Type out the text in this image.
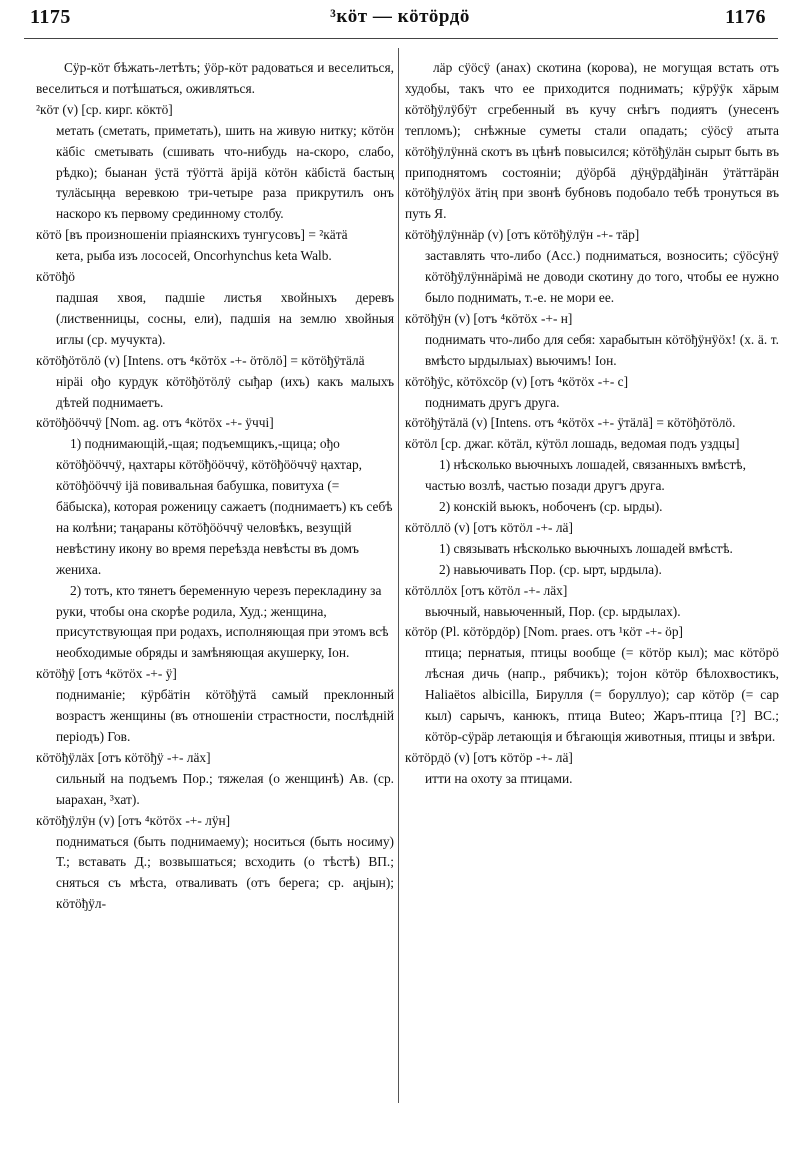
1175	³кöт — кöтöрдö	1176

Сÿр-кöт бѣжать-летѣть; ÿöр-кöт радоваться и веселиться, веселиться и потѣшаться, оживляться.

²кöт (v) [ср. кирг. кöктö]

метать (сметать, приметать), шить на живую нитку; кöтöн кäбіс сметывать (сшивать что-нибудь на-скоро, слабо, рѣдко); быанан ÿстä тÿöттä äрijä кöтöн кäбістä бастың тулäсыңңа веревкою три-четыре раза прикрутилъ онъ наскоро къ первому срединному столбу.

кöтö [въ произношеніи пріаянскихъ тунгусовъ] = ²кäтä

кета, рыба изъ лососей, Oncorhynchus keta Walb.

кöтöђö

падшая хвоя, падшіе листья хвойныхъ деревъ (лиственницы, сосны, ели), падшія на землю хвойныя иглы (ср. мучукта).

кöтöђöтöлö (v) [Intens. отъ ⁴кöтöх -+- öтöлö] = кöтöђÿтäлä

нірäі ођо курдук кöтöђöтöлÿ сыђар (ихъ) какъ малыхъ дѣтей поднимаетъ.

кöтöђööччÿ [Nom. ag. отъ ⁴кöтöх -+- ÿччі]

1) поднимающій,-щая; подъемщикъ,-щица; ођо кöтöђööччÿ, ңахтары кöтöђööччÿ, кöтöђööччÿ ңахтар, кöтöђööччÿ ijä повивальная бабушка, повитуха (= бäбыска), которая роженицу сажаетъ (поднимаетъ) къ себѣ на колѣни; таңараны кöтöђööччÿ человѣкъ, везущій невѣстину икону во время переѣзда невѣсты въ домъ жениха.

2) тотъ, кто тянетъ беременную черезъ перекладину за руки, чтобы она скорѣе родила, Худ.; женщина, присутствующая при родахъ, исполняющая при этомъ всѣ необходимые обряды и замѣняющая акушерку, Іон.

кöтöђÿ [отъ ⁴кöтöх -+- ÿ]

подниманіе; кÿрбäтін кöтöђÿтä самый преклонный возрастъ женщины (въ отношеніи страстности, послѣдній періодъ) Гов.

кöтöђÿлäх [отъ кöтöђÿ -+- лäх]

сильный на подъемъ Пор.; тяжелая (о женщинѣ) Ав. (ср. ыарахан, ³хат).

кöтöђÿлÿн (v) [отъ ⁴кöтöх -+- лÿн]

подниматься (быть поднимаему); носиться (быть носиму) Т.; вставать Д.; возвышаться; всходить (о тѣстѣ) ВП.; сняться съ мѣста, отваливать (отъ берега; ср. аңјын); кöтöђÿл-

лäр сÿöсÿ (анах) скотина (корова), не могущая встать отъ худобы, такъ что ее приходится поднимать; кÿрÿÿк хäрым кöтöђÿлÿбÿт сгребенный въ кучу снѣгъ подиятъ (унесенъ тепломъ); снѣжные суметы стали опадать; сÿöсÿ атыта кöтöђÿлÿннä скотъ въ цѣнѣ повысился; кöтöђÿлäн сырыт быть въ приподнятомъ состояніи; дÿöрбä дÿңÿрдäђінäн ÿтäттäрäн кöтöђÿлÿöх äтің при звонѣ бубновъ подобало тебѣ тронуться въ путь Я.

кöтöђÿлÿннäр (v) [отъ кöтöђÿлÿн -+- тäр]

заставлять что-либо (Acc.) подниматься, возносить; сÿöсÿнÿ кöтöђÿлÿннäрімä не доводи скотину до того, чтобы ее нужно было поднимать, т.-е. не мори ее.

кöтöђÿн (v) [отъ ⁴кöтöх -+- н]

поднимать что-либо для себя: харабытын кöтöђÿнÿöх! (х. ä. т. вмѣсто ырдылыах) вьючимъ! Іон.

кöтöђÿс, кöтöхсöр (v) [отъ ⁴кöтöх -+- с]

поднимать другъ друга.

кöтöђÿтäлä (v) [Intens. отъ ⁴кöтöх -+- ÿтäлä] = кöтöђöтöлö.

кöтöл [ср. джаг. кöтäл, кÿтöл лошадь, ведомая подъ уздцы]

1) нѣсколько вьючныхъ лошадей, связанныхъ вмѣстѣ, частью возлѣ, частью позади другъ друга.

2) конскій вьюкъ, нобоченъ (ср. ырды).

кöтöллö (v) [отъ кöтöл -+- лä]

1) связывать нѣсколько вьючныхъ лошадей вмѣстѣ.

2) навьючивать Пор. (ср. ырт, ырдыла).

кöтöллöх [отъ кöтöл -+- лäх]

вьючный, навьюченный, Пор. (ср. ырдылах).

кöтöр (Pl. кöтöрдöр) [Nom. praes. отъ ¹кöт -+- öр]

птица; пернатыя, птицы вообще (= кöтöр кыл); мас кöтöрö лѣсная дичь (напр., рябчикъ); тоjон кöтöр бѣлохвостикъ, Haliaëtos albicilla, Бирулля (= боруллуо); сар кöтöр (= сар кыл) сарычъ, канюкъ, птица Buteo; Жаръ-птица [?] ВС.; кöтöр-сÿрäр летающія и бѣгающія животныя, птицы и звѣри.

кöтöрдö (v) [отъ кöтöр -+- лä]

итти на охоту за птицами.
